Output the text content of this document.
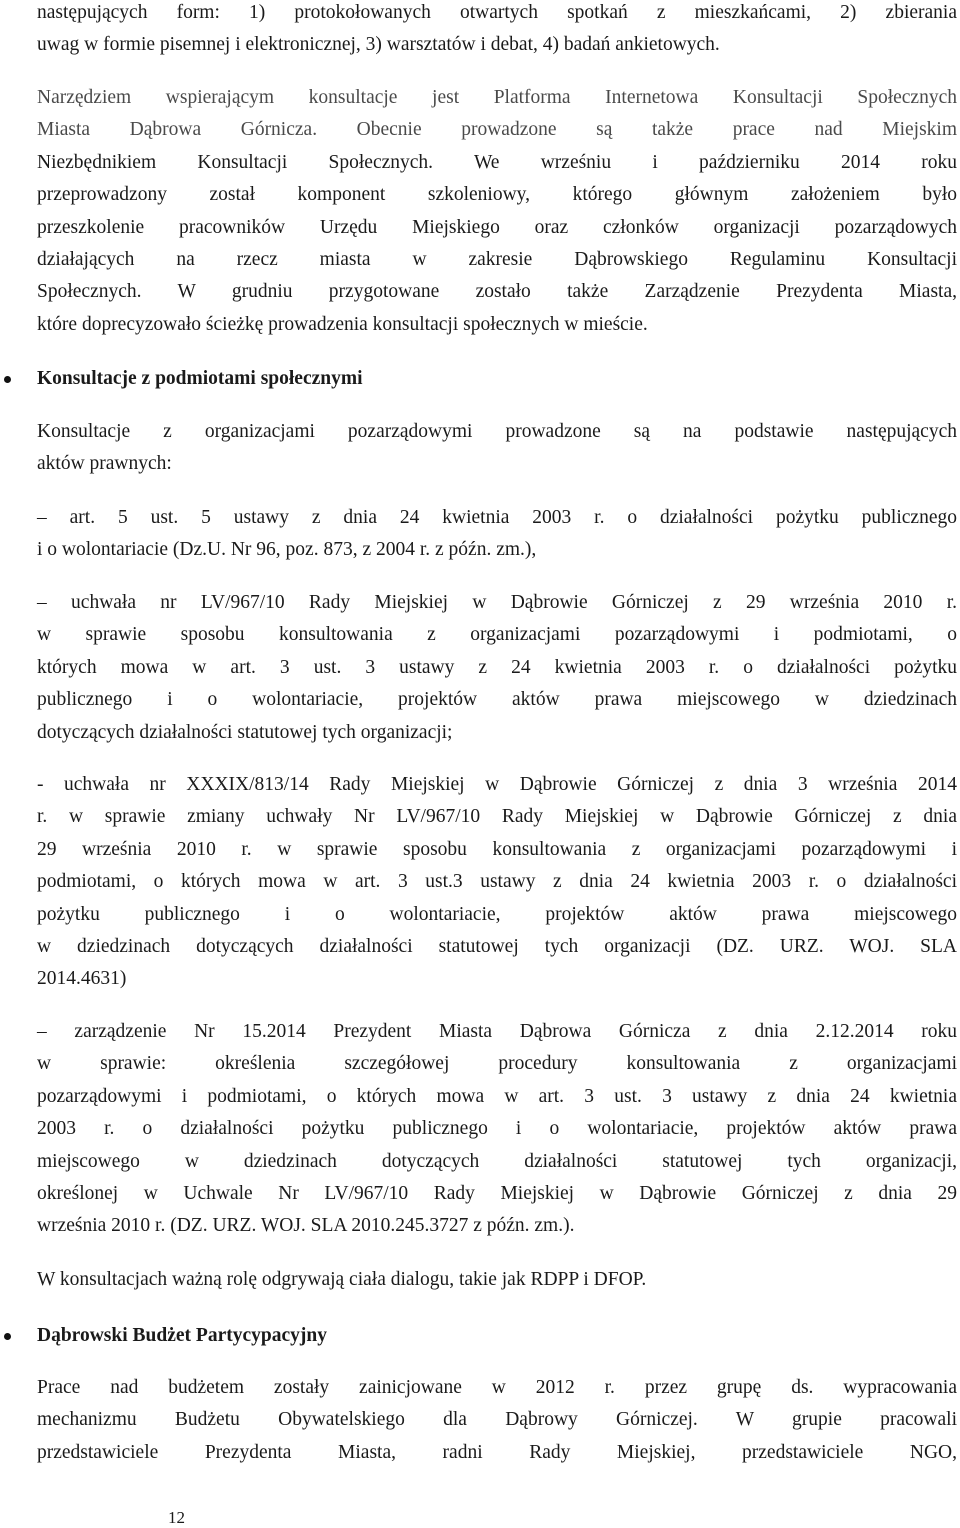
następujących form: 1) protokołowanych otwartych spotkań z mieszkańcami, 2) zbierania
uwag w formie pisemnej i elektronicznej, 3) warsztatów i debat, 4) badań ankietowych.

Narzędziem wspierającym konsultacje jest Platforma Internetowa Konsultacji Społecznych
Miasta Dąbrowa Górnicza. Obecnie prowadzone są także prace nad Miejskim
Niezbędnikiem Konsultacji Społecznych. We wrześniu i październiku 2014 roku
przeprowadzony został komponent szkoleniowy, którego głównym założeniem było
przeszkolenie pracowników Urzędu Miejskiego oraz członków organizacji pozarządowych
działających na rzecz miasta w zakresie Dąbrowskiego Regulaminu Konsultacji
Społecznych. W grudniu przygotowane zostało także Zarządzenie Prezydenta Miasta,
które doprecyzowało ścieżkę prowadzenia konsultacji społecznych w mieście.

Konsultacje z podmiotami społecznymi

Konsultacje z organizacjami pozarządowymi prowadzone są na podstawie następujących
aktów prawnych:

– art. 5 ust. 5 ustawy z dnia 24 kwietnia 2003 r. o działalności pożytku publicznego
i o wolontariacie (Dz.U. Nr 96, poz. 873, z 2004 r. z późn. zm.),

– uchwała nr LV/967/10 Rady Miejskiej w Dąbrowie Górniczej z 29 września 2010 r.
w sprawie sposobu konsultowania z organizacjami pozarządowymi i podmiotami, o
których mowa w art. 3 ust. 3 ustawy z 24 kwietnia 2003 r. o działalności pożytku
publicznego i o wolontariacie, projektów aktów prawa miejscowego w dziedzinach
dotyczących działalności statutowej tych organizacji;

- uchwała nr XXXIX/813/14 Rady Miejskiej w Dąbrowie Górniczej z dnia 3 września 2014
r. w sprawie zmiany uchwały Nr LV/967/10 Rady Miejskiej w Dąbrowie Górniczej z dnia
29 września 2010 r. w sprawie sposobu konsultowania z organizacjami pozarządowymi i
podmiotami, o których mowa w art. 3 ust.3 ustawy z dnia 24 kwietnia 2003 r. o działalności
pożytku publicznego i o wolontariacie, projektów aktów prawa miejscowego
w dziedzinach dotyczących działalności statutowej tych organizacji (DZ. URZ. WOJ. SLA
2014.4631)

– zarządzenie Nr 15.2014 Prezydent Miasta Dąbrowa Górnicza z dnia 2.12.2014 roku
w sprawie: określenia szczegółowej procedury konsultowania z organizacjami
pozarządowymi i podmiotami, o których mowa w art. 3 ust. 3 ustawy z dnia 24 kwietnia
2003 r. o działalności pożytku publicznego i o wolontariacie, projektów aktów prawa
miejscowego w dziedzinach dotyczących działalności statutowej tych organizacji,
określonej w Uchwale Nr LV/967/10 Rady Miejskiej w Dąbrowie Górniczej z dnia 29
września 2010 r. (DZ. URZ. WOJ. SLA 2010.245.3727 z późn. zm.).

W konsultacjach ważną rolę odgrywają ciała dialogu, takie jak RDPP i DFOP.

Dąbrowski Budżet Partycypacyjny

Prace nad budżetem zostały zainicjowane w 2012 r. przez grupę ds. wypracowania
mechanizmu Budżetu Obywatelskiego dla Dąbrowy Górniczej. W grupie pracowali
przedstawiciele Prezydenta Miasta, radni Rady Miejskiej, przedstawiciele NGO,

12
